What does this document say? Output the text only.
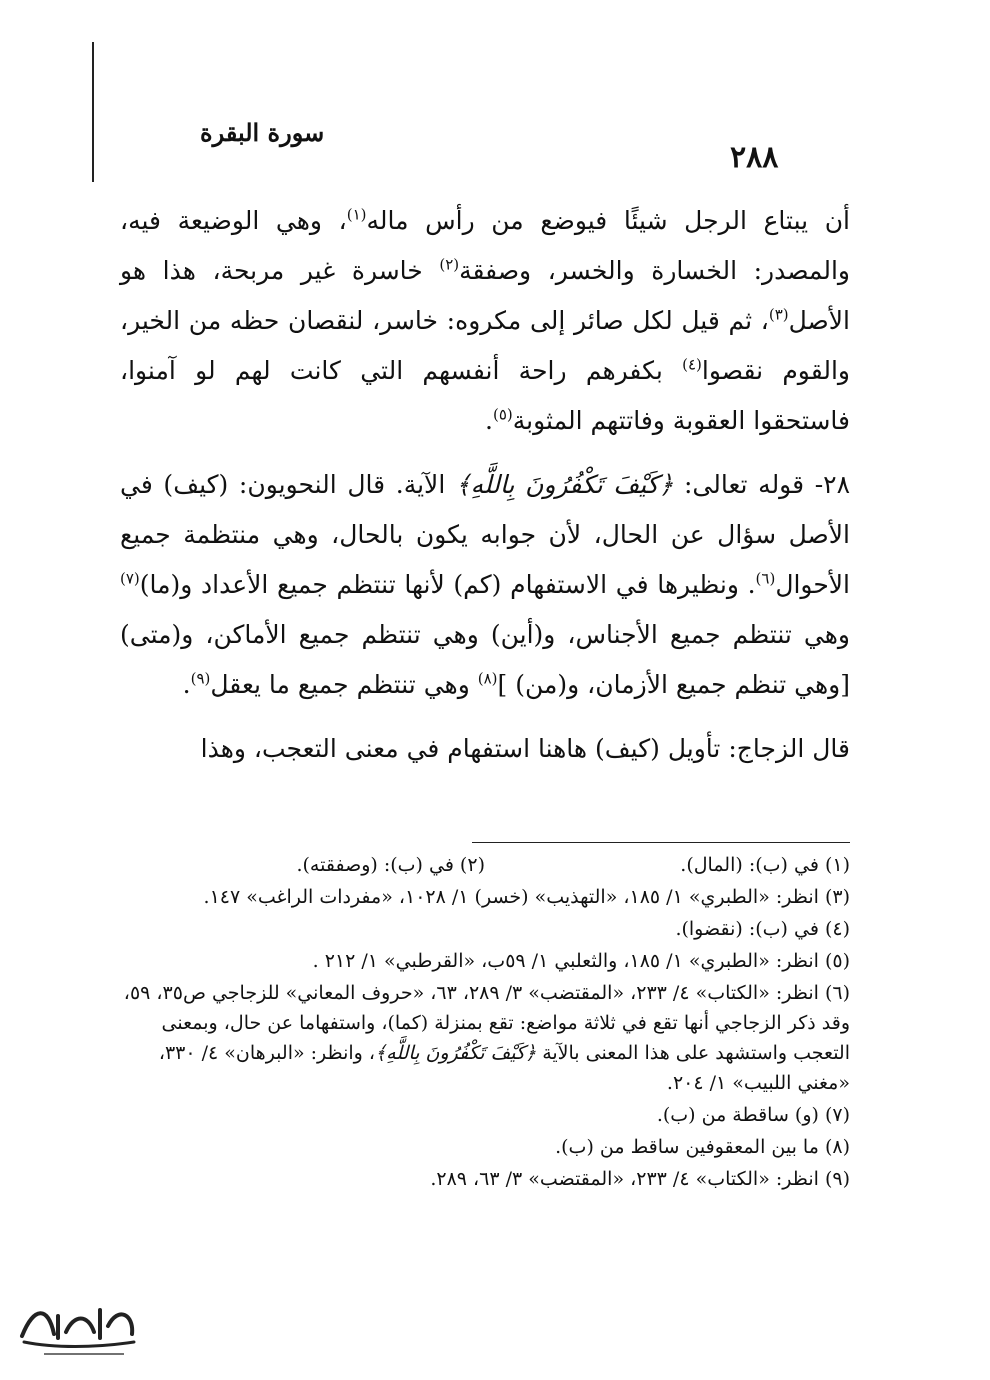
٢٨٨
سورة البقرة

أن يبتاع الرجل شيئًا فيوضع من رأس ماله$^{(١)}$، وهي الوضيعة فيه، والمصدر: الخسارة والخسر، وصفقة$^{(٢)}$ خاسرة غير مربحة، هذا هو الأصل$^{(٣)}$، ثم قيل لكل صائر إلى مكروه: خاسر، لنقصان حظه من الخير، والقوم نقصوا$^{(٤)}$ بكفرهم راحة أنفسهم التي كانت لهم لو آمنوا، فاستحقوا العقوبة وفاتتهم المثوبة$^{(٥)}$.

٢٨- قوله تعالى: ﴿كَيْفَ تَكْفُرُونَ بِاللَّهِ﴾ الآية. قال النحويون: (كيف) في الأصل سؤال عن الحال، لأن جوابه يكون بالحال، وهي منتظمة جميع الأحوال$^{(٦)}$. ونظيرها في الاستفهام (كم) لأنها تنتظم جميع الأعداد و(ما)$^{(٧)}$ وهي تنتظم جميع الأجناس، و(أين) وهي تنتظم جميع الأماكن، و(متى) [وهي تنظم جميع الأزمان، و(من) ]$^{(٨)}$ وهي تنتظم جميع ما يعقل$^{(٩)}$.

قال الزجاج: تأويل (كيف) هاهنا استفهام في معنى التعجب، وهذا

(١) في (ب): (المال).
(٢) في (ب): (وصفقته).
(٣) انظر: «الطبري» ١/ ١٨٥، «التهذيب» (خسر) ١/ ١٠٢٨، «مفردات الراغب» ١٤٧.
(٤) في (ب): (نقضوا).
(٥) انظر: «الطبري» ١/ ١٨٥، والثعلبي ١/ ٥٩ب، «القرطبي» ١/ ٢١٢ .
(٦) انظر: «الكتاب» ٤/ ٢٣٣، «المقتضب» ٣/ ٢٨٩، ٦٣، «حروف المعاني» للزجاجي ص٣٥، ٥٩، وقد ذكر الزجاجي أنها تقع في ثلاثة مواضع: تقع بمنزلة (كما)، واستفهاما عن حال، وبمعنى التعجب واستشهد على هذا المعنى بالآية ﴿كَيْفَ تَكْفُرُونَ بِاللَّهِ﴾، وانظر: «البرهان» ٤/ ٣٣٠، «مغني اللبيب» ١/ ٢٠٤.
(٧) (و) ساقطة من (ب).
(٨) ما بين المعقوفين ساقط من (ب).
(٩) انظر: «الكتاب» ٤/ ٢٣٣، «المقتضب» ٣/ ٦٣، ٢٨٩.
